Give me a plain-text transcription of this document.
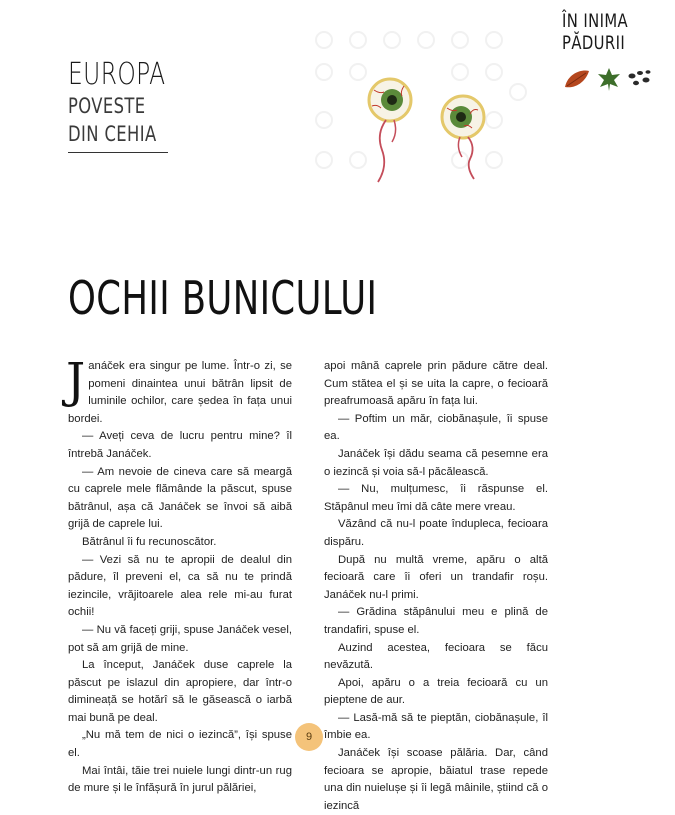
EUROPA
POVESTE
DIN CEHIA
ÎN INIMA
PĂDURII
OCHII BUNICULUI

Janáček era singur pe lume. Într-o zi, se pomeni dinaintea unui bătrân lipsit de luminile ochilor, care ședea în fața unui bordei.

— Aveți ceva de lucru pentru mine? îl întrebă Janáček.

— Am nevoie de cineva care să meargă cu caprele mele flămânde la păscut, spuse bătrânul, așa că Janáček se învoi să aibă grijă de caprele lui.

Bătrânul îi fu recunoscător.

— Vezi să nu te apropii de dealul din pădure, îl preveni el, ca să nu te prindă iezincile, vrăjitoarele alea rele mi-au furat ochii!

— Nu vă faceți griji, spuse Janáček vesel, pot să am grijă de mine.

La început, Janáček duse caprele la păscut pe islazul din apropiere, dar într-o dimineață se hotărî să le găsească o iarbă mai bună pe deal.

„Nu mă tem de nici o iezincă”, își spuse el.

Mai întâi, tăie trei nuiele lungi dintr-un rug de mure și le înfășură în jurul pălăriei,

apoi mână caprele prin pădure către deal. Cum stătea el și se uita la capre, o fecioară preafrumoasă apăru în fața lui.

— Poftim un măr, ciobănașule, îi spuse ea.

Janáček își dădu seama că pesemne era o iezincă și voia să-l păcălească.

— Nu, mulțumesc, îi răspunse el. Stăpânul meu îmi dă câte mere vreau.

Văzând că nu-l poate îndupleca, fecioara dispăru.

După nu multă vreme, apăru o altă fecioară care îi oferi un trandafir roșu. Janáček nu-l primi.

— Grădina stăpânului meu e plină de trandafiri, spuse el.

Auzind acestea, fecioara se făcu nevăzută.

Apoi, apăru o a treia fecioară cu un pieptene de aur.

— Lasă-mă să te pieptăn, ciobănașule, îl îmbie ea.

Janáček își scoase pălăria. Dar, când fecioara se apropie, băiatul trase repede una din nuielușe și îi legă mâinile, știind că o iezincă

9
